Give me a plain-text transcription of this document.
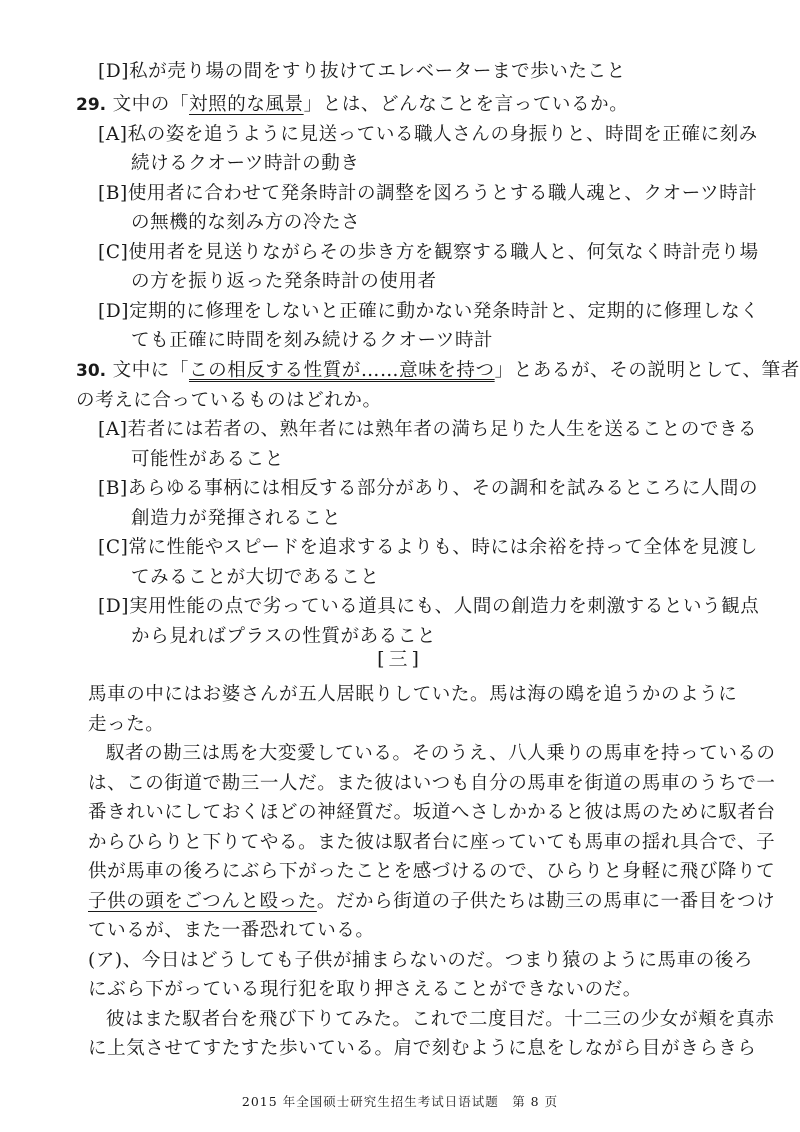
[D]私が売り場の間をすり抜けてエレベーターまで歩いたこと
29. 文中の「対照的な風景」とは、どんなことを言っているか。
[A]私の姿を追うように見送っている職人さんの身振りと、時間を正確に刻み
続けるクオーツ時計の動き
[B]使用者に合わせて発条時計の調整を図ろうとする職人魂と、クオーツ時計
の無機的な刻み方の冷たさ
[C]使用者を見送りながらその歩き方を観察する職人と、何気なく時計売り場
の方を振り返った発条時計の使用者
[D]定期的に修理をしないと正確に動かない発条時計と、定期的に修理しなく
ても正確に時間を刻み続けるクオーツ時計
30. 文中に「この相反する性質が……意味を持つ」とあるが、その説明として、筆者
の考えに合っているものはどれか。
[A]若者には若者の、熟年者には熟年者の満ち足りた人生を送ることのできる
可能性があること
[B]あらゆる事柄には相反する部分があり、その調和を試みるところに人間の
創造力が発揮されること
[C]常に性能やスピードを追求するよりも、時には余裕を持って全体を見渡し
てみることが大切であること
[D]実用性能の点で劣っている道具にも、人間の創造力を刺激するという観点
から見ればプラスの性質があること
[三]
馬車の中にはお婆さんが五人居眠りしていた。馬は海の鴎を追うかのように
走った。
馭者の勘三は馬を大変愛している。そのうえ、八人乗りの馬車を持っているの
は、この街道で勘三一人だ。また彼はいつも自分の馬車を街道の馬車のうちで一
番きれいにしておくほどの神経質だ。坂道へさしかかると彼は馬のために馭者台
からひらりと下りてやる。また彼は馭者台に座っていても馬車の揺れ具合で、子
供が馬車の後ろにぶら下がったことを感づけるので、ひらりと身軽に飛び降りて
子供の頭をごつんと殴った。だから街道の子供たちは勘三の馬車に一番目をつけ
ているが、また一番恐れている。
(ア)、今日はどうしても子供が捕まらないのだ。つまり猿のように馬車の後ろ
にぶら下がっている現行犯を取り押さえることができないのだ。
彼はまた馭者台を飛び下りてみた。これで二度目だ。十二三の少女が頬を真赤
に上気させてすたすた歩いている。肩で刻むように息をしながら目がきらきら
2015 年全国硕士研究生招生考试日语试题　第 8 页
